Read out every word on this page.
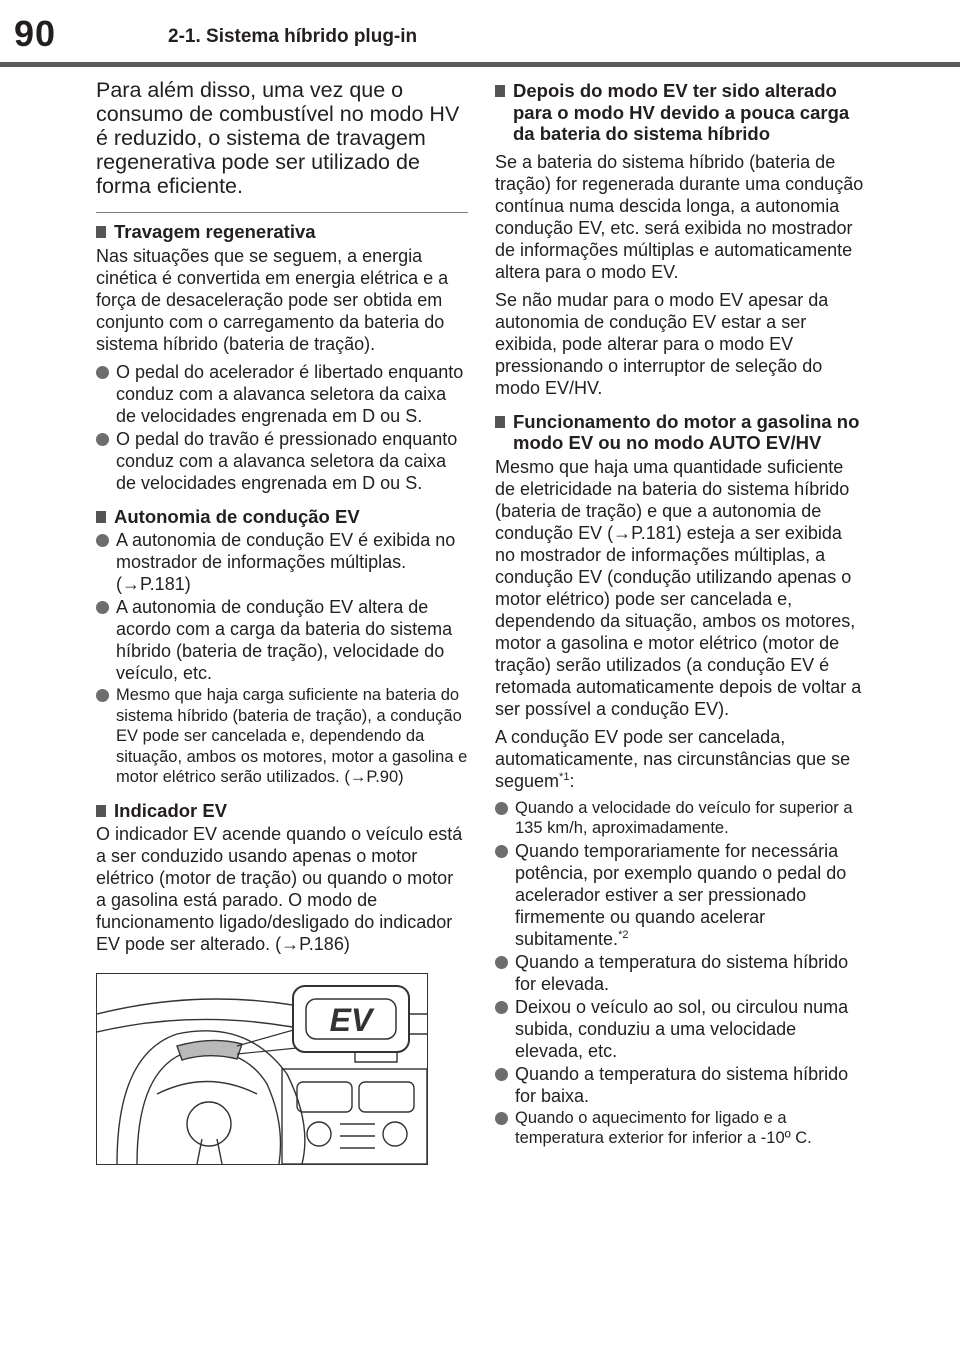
90	2-1. Sistema híbrido plug-in

Para além disso, uma vez que o consumo de combustível no modo HV é reduzido, o sistema de travagem regenerativa pode ser utilizado de forma eficiente.

Travagem regenerativa

Nas situações que se seguem, a energia cinética é convertida em energia elétrica e a força de desaceleração pode ser obtida em conjunto com o carregamento da bateria do sistema híbrido (bateria de tração).

O pedal do acelerador é libertado enquanto conduz com a alavanca seletora da caixa de velocidades engrenada em D ou S.
O pedal do travão é pressionado enquanto conduz com a alavanca seletora da caixa de velocidades engrenada em D ou S.
Autonomia de condução EV
A autonomia de condução EV é exibida no mostrador de informações múltiplas. (→P.181)
A autonomia de condução EV altera de acordo com a carga da bateria do sistema híbrido (bateria de tração), velocidade do veículo, etc.
Mesmo que haja carga suficiente na bateria do sistema híbrido (bateria de tração), a condução EV pode ser cancelada e, dependendo da situação, ambos os motores, motor a gasolina e motor elétrico serão utilizados. (→P.90)
Indicador EV

O indicador EV acende quando o veículo está a ser conduzido usando apenas o motor elétrico (motor de tração) ou quando o motor a gasolina está parado. O modo de funcionamento ligado/desligado do indicador EV pode ser alterado. (→P.186)

EV
Depois do modo EV ter sido alterado para o modo HV devido a pouca carga da bateria do sistema híbrido

Se a bateria do sistema híbrido (bateria de tração) for regenerada durante uma condução contínua numa descida longa, a autonomia condução EV, etc. será exibida no mostrador de informações múltiplas e automaticamente altera para o modo EV.

Se não mudar para o modo EV apesar da autonomia de condução EV estar a ser exibida, pode alterar para o modo EV pressionando o interruptor de seleção do modo EV/HV.

Funcionamento do motor a gasolina no modo EV ou no modo AUTO EV/HV

Mesmo que haja uma quantidade suficiente de eletricidade na bateria do sistema híbrido (bateria de tração) e que a autonomia de condução EV (→P.181) esteja a ser exibida no mostrador de informações múltiplas, a condução EV (condução utilizando apenas o motor elétrico) pode ser cancelada e, dependendo da situação, ambos os motores, motor a gasolina e motor elétrico (motor de tração) serão utilizados (a condução EV é retomada automaticamente depois de voltar a ser possível a condução EV).

A condução EV pode ser cancelada, automaticamente, nas circunstâncias que se seguem$^{*1}$:

Quando a velocidade do veículo for superior a 135 km/h, aproximadamente.
Quando temporariamente for necessária potência, por exemplo quando o pedal do acelerador estiver a ser pressionado firmemente ou quando acelerar subitamente.$^{*2}$
Quando a temperatura do sistema híbrido for elevada.
Deixou o veículo ao sol, ou circulou numa subida, conduziu a uma velocidade elevada, etc.
Quando a temperatura do sistema híbrido for baixa.
Quando o aquecimento for ligado e a temperatura exterior for inferior a -10º C.
